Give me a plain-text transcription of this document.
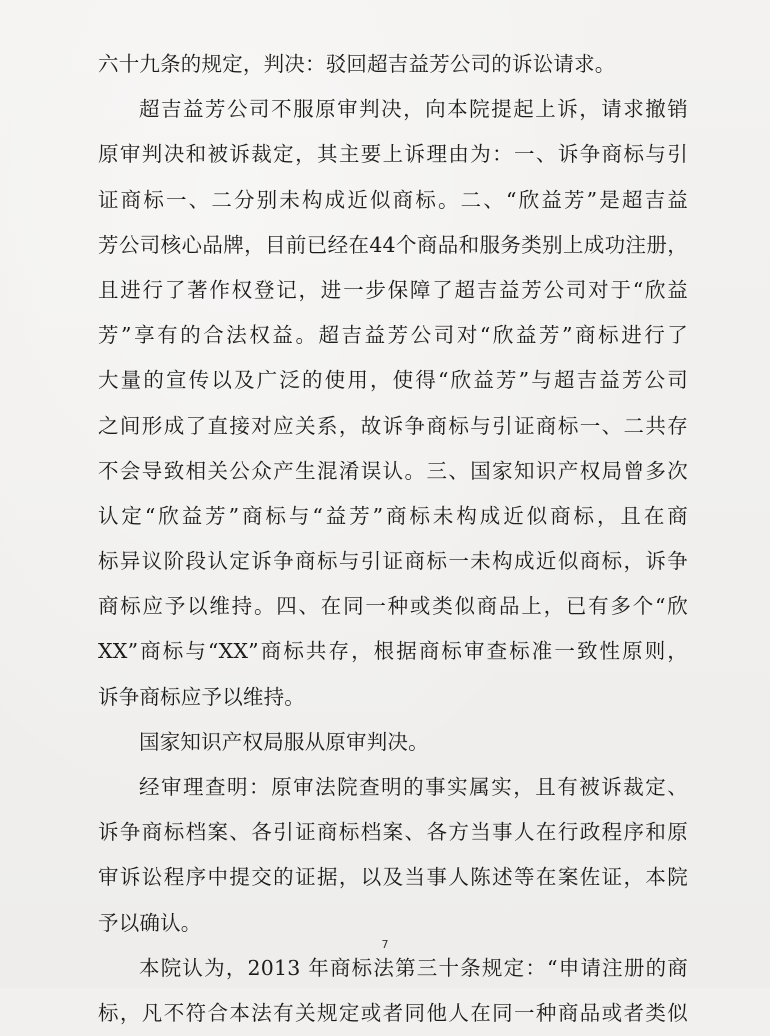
六十九条的规定，判决：驳回超吉益芳公司的诉讼请求。
超吉益芳公司不服原审判决，向本院提起上诉，请求撤销
原审判决和被诉裁定，其主要上诉理由为：一、诉争商标与引
证商标一、二分别未构成近似商标。二、“欣益芳”是超吉益
芳公司核心品牌，目前已经在44个商品和服务类别上成功注册，
且进行了著作权登记，进一步保障了超吉益芳公司对于“欣益
芳”享有的合法权益。超吉益芳公司对“欣益芳”商标进行了
大量的宣传以及广泛的使用，使得“欣益芳”与超吉益芳公司
之间形成了直接对应关系，故诉争商标与引证商标一、二共存
不会导致相关公众产生混淆误认。三、国家知识产权局曾多次
认定“欣益芳”商标与“益芳”商标未构成近似商标，且在商
标异议阶段认定诉争商标与引证商标一未构成近似商标，诉争
商标应予以维持。四、在同一种或类似商品上，已有多个“欣
XX”商标与“XX”商标共存，根据商标审查标准一致性原则，
诉争商标应予以维持。
国家知识产权局服从原审判决。
经审理查明：原审法院查明的事实属实，且有被诉裁定、
诉争商标档案、各引证商标档案、各方当事人在行政程序和原
审诉讼程序中提交的证据，以及当事人陈述等在案佐证，本院
予以确认。
本院认为，2013 年商标法第三十条规定：“申请注册的商
标，凡不符合本法有关规定或者同他人在同一种商品或者类似
7
